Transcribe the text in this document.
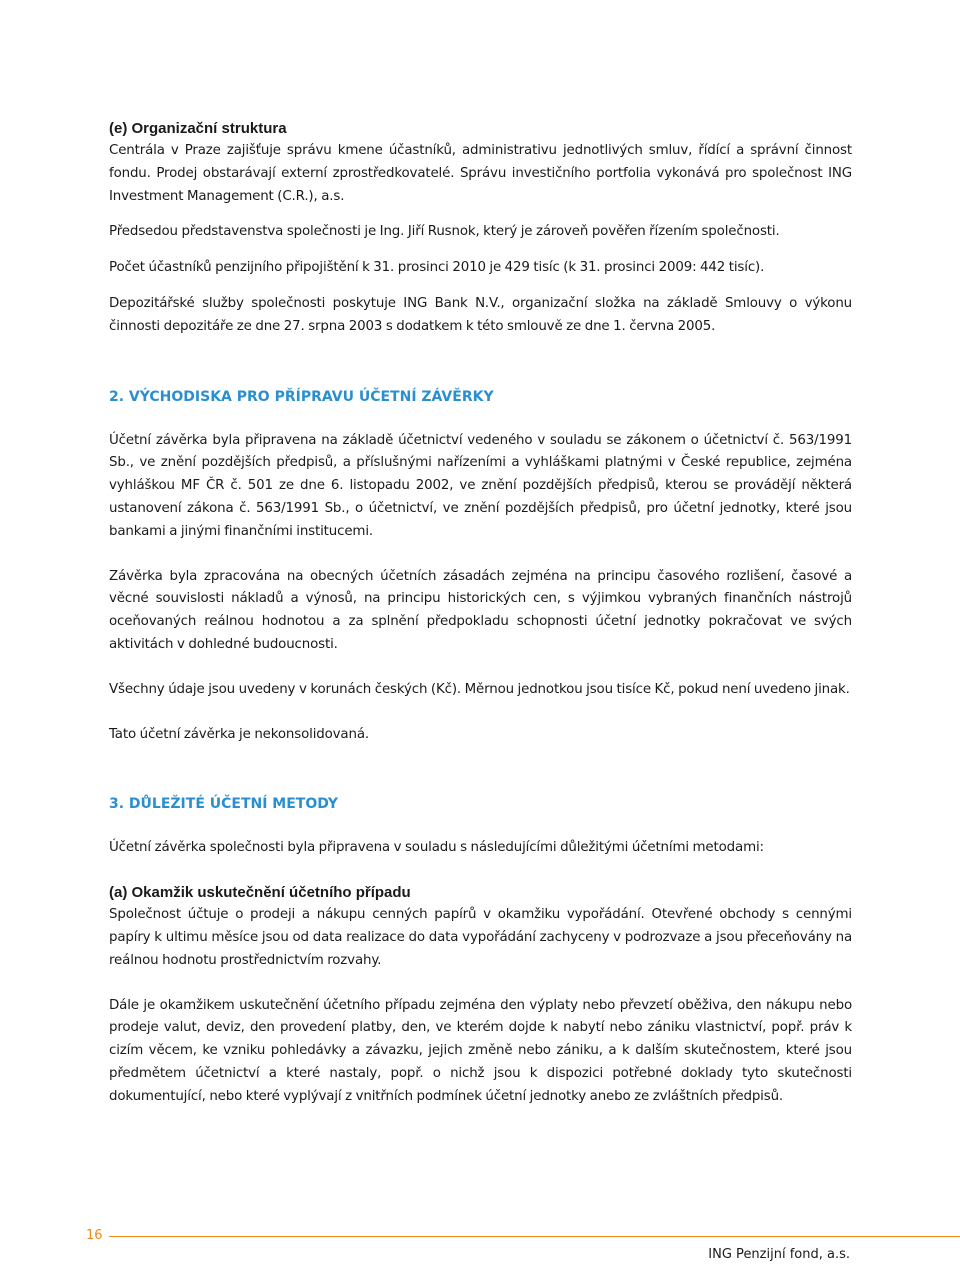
(e) Organizační struktura

Centrála v Praze zajišťuje správu kmene účastníků, administrativu jednotlivých smluv, řídící a správní činnost fondu. Prodej obstarávají externí zprostředkovatelé. Správu investičního portfolia vykonává pro společnost ING Investment Management (C.R.), a.s.

Předsedou představenstva společnosti je Ing. Jiří Rusnok, který je zároveň pověřen řízením společnosti.

Počet účastníků penzijního připojištění k 31. prosinci 2010 je 429 tisíc (k 31. prosinci 2009: 442 tisíc).

Depozitářské služby společnosti poskytuje ING Bank N.V., organizační složka na základě Smlouvy o výkonu činnosti depozitáře ze dne 27. srpna 2003 s dodatkem k této smlouvě ze dne 1. června 2005.

2. VÝCHODISKA PRO PŘÍPRAVU ÚČETNÍ ZÁVĚRKY

Účetní závěrka byla připravena na základě účetnictví vedeného v souladu se zákonem o účetnictví č. 563/1991 Sb., ve znění pozdějších předpisů, a příslušnými nařízeními a vyhláškami platnými v České republice, zejména vyhláškou MF ČR č. 501 ze dne 6. listopadu 2002, ve znění pozdějších předpisů, kterou se provádějí některá ustanovení zákona č. 563/1991 Sb., o účetnictví, ve znění pozdějších předpisů, pro účetní jednotky, které jsou bankami a jinými finančními institucemi.

Závěrka byla zpracována na obecných účetních zásadách zejména na principu časového rozlišení, časové a věcné souvislosti nákladů a výnosů, na principu historických cen, s výjimkou vybraných finančních nástrojů oceňovaných reálnou hodnotou a za splnění předpokladu schopnosti účetní jednotky pokračovat ve svých aktivitách v dohledné budoucnosti.

Všechny údaje jsou uvedeny v korunách českých (Kč). Měrnou jednotkou jsou tisíce Kč, pokud není uvedeno jinak.

Tato účetní závěrka je nekonsolidovaná.

3. DŮLEŽITÉ ÚČETNÍ METODY

Účetní závěrka společnosti byla připravena v souladu s následujícími důležitými účetními metodami:

(a) Okamžik uskutečnění účetního případu

Společnost účtuje o prodeji a nákupu cenných papírů v okamžiku vypořádání. Otevřené obchody s cennými papíry k ultimu měsíce jsou od data realizace do data vypořádání zachyceny v podrozvaze a jsou přeceňovány na reálnou hodnotu prostřednictvím rozvahy.

Dále je okamžikem uskutečnění účetního případu zejména den výplaty nebo převzetí oběživa, den nákupu nebo prodeje valut, deviz, den provedení platby, den, ve kterém dojde k nabytí nebo zániku vlastnictví, popř. práv k cizím věcem, ke vzniku pohledávky a závazku, jejich změně nebo zániku, a k dalším skutečnostem, které jsou předmětem účetnictví a které nastaly, popř. o nichž jsou k dispozici potřebné doklady tyto skutečnosti dokumentující, nebo které vyplývají z vnitřních podmínek účetní jednotky anebo ze zvláštních předpisů.

16
ING Penzijní fond, a.s.
